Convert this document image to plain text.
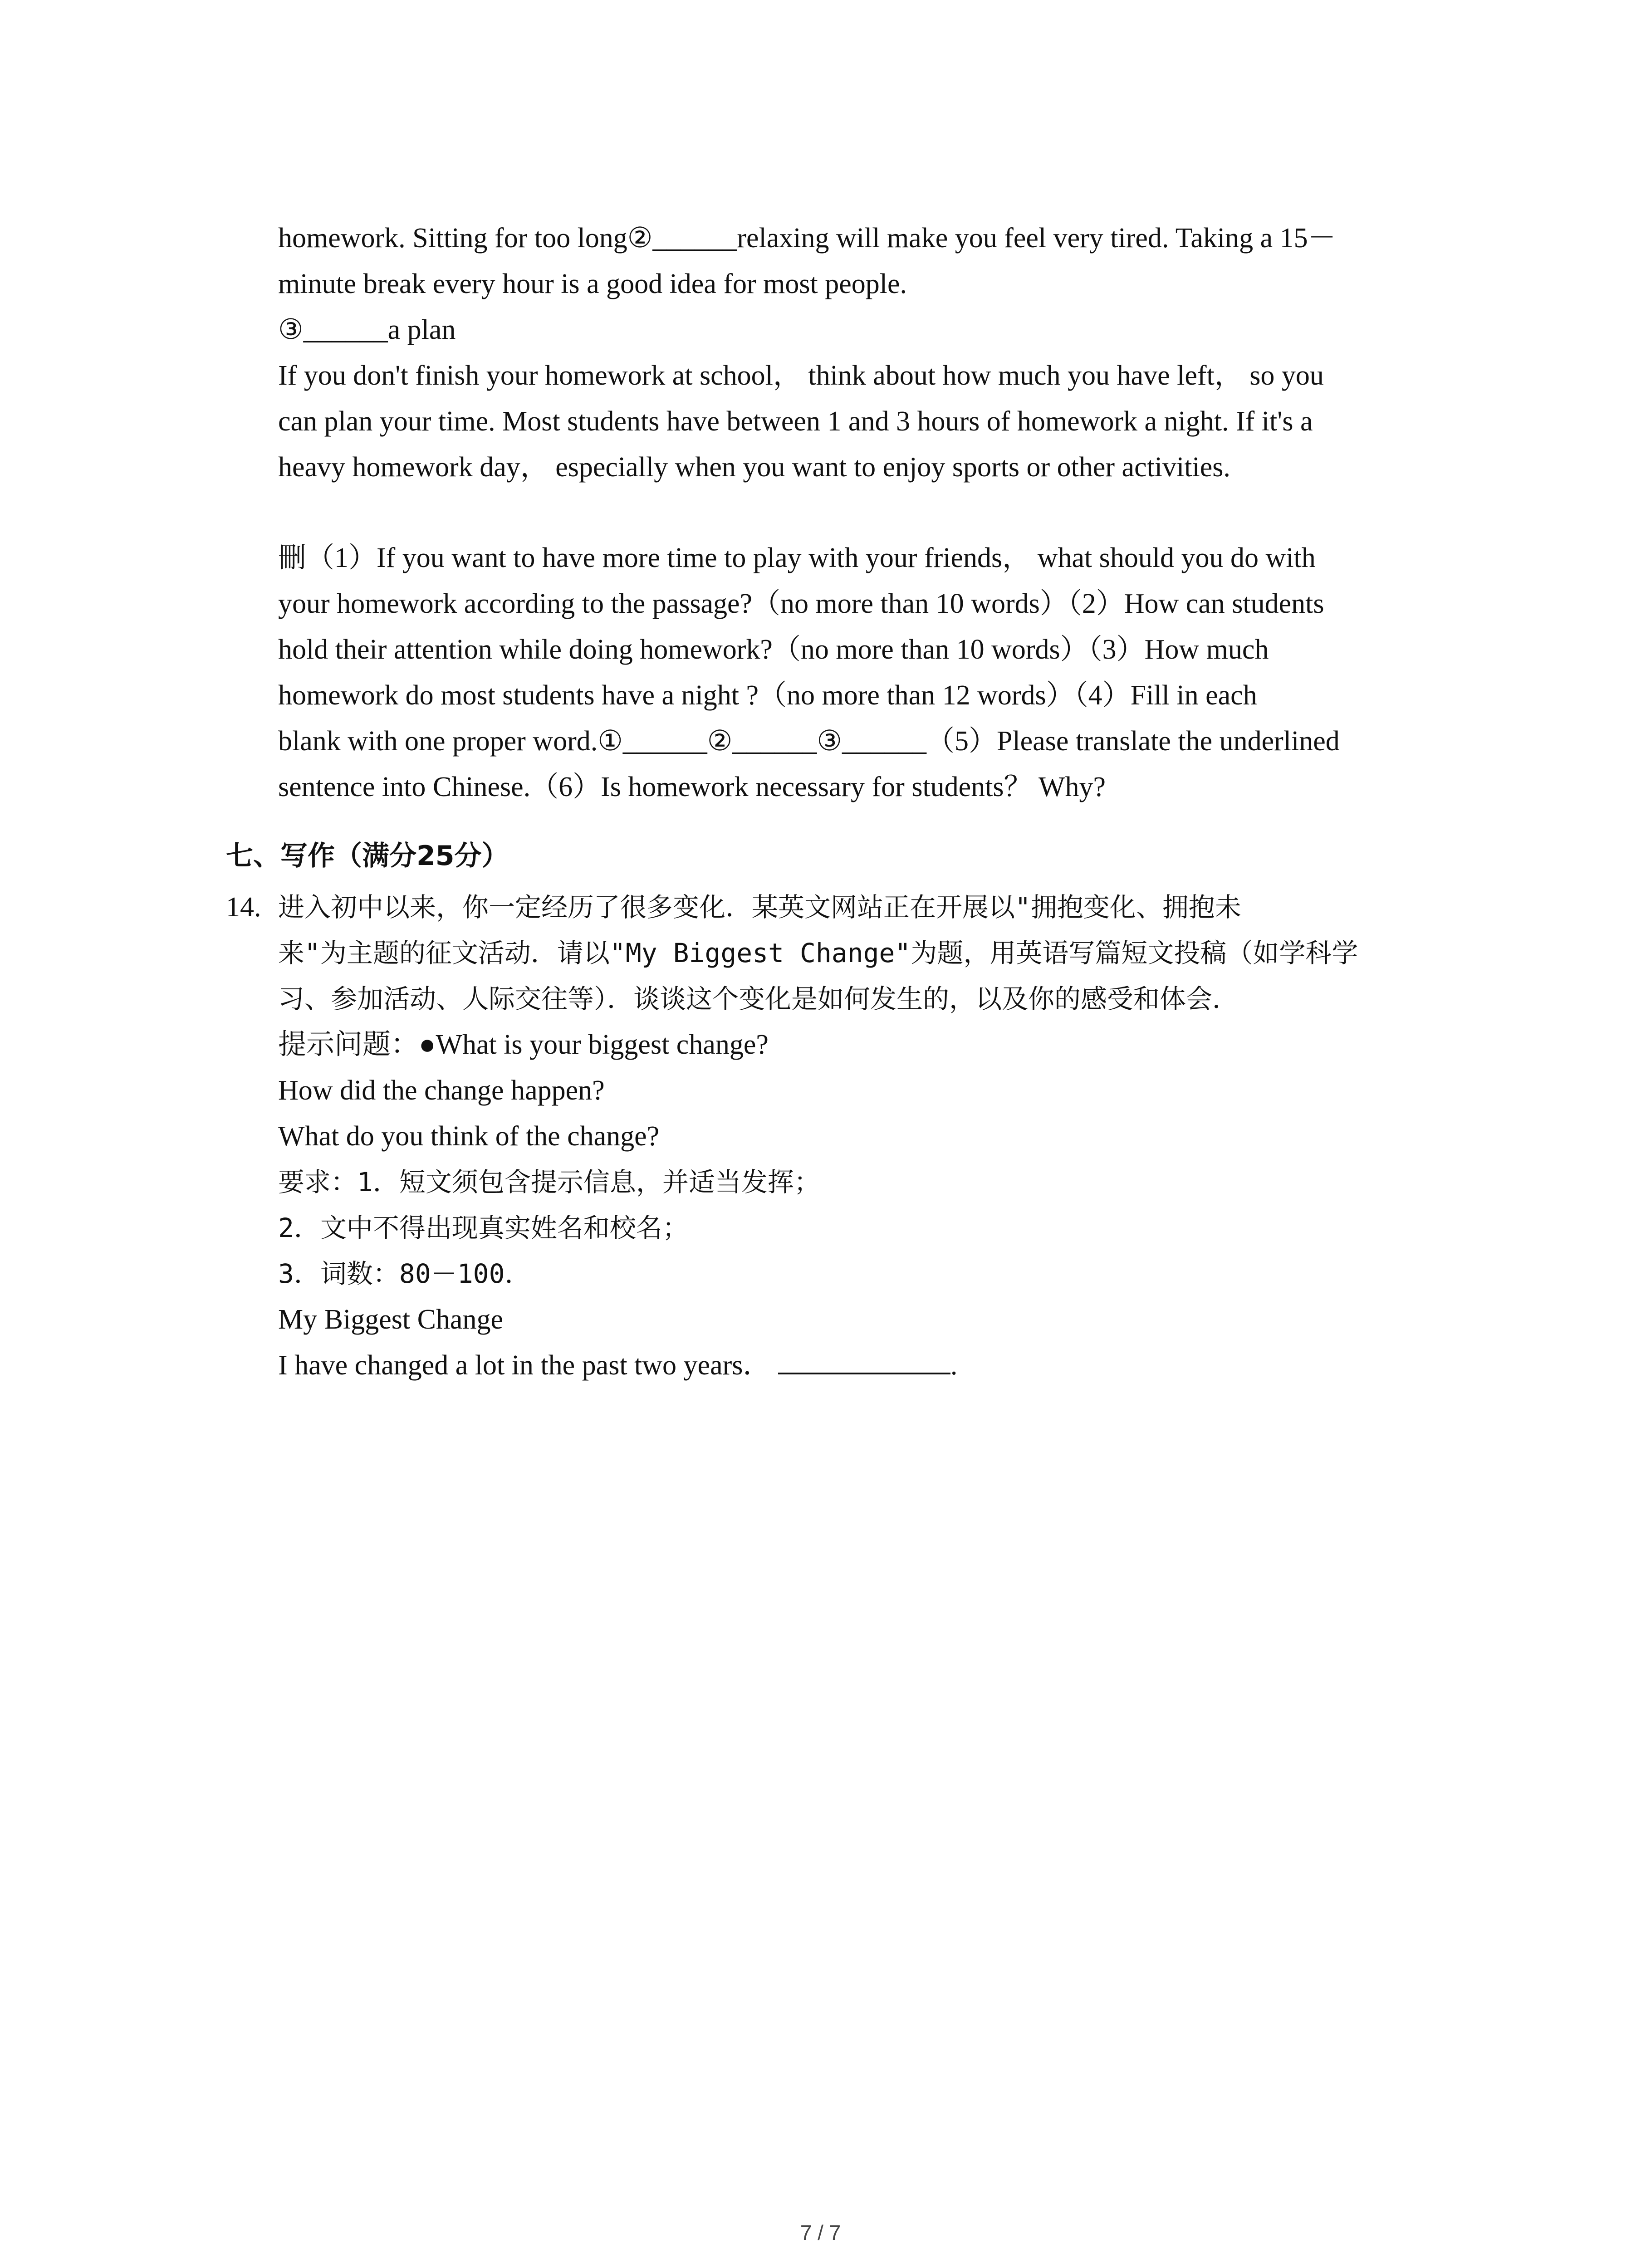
homework. Sitting for too long②______relaxing will make you feel very tired. Taking a 15－
minute break every hour is a good idea for most people.
③______a plan
If you don't finish your homework at school， think about how much you have left， so you
can plan your time. Most students have between 1 and 3 hours of homework a night. If it's a
heavy homework day， especially when you want to enjoy sports or other activities.
刪（1）If you want to have more time to play with your friends， what should you do with
your homework according to the passage?（no more than 10 words）（2）How can students
hold their attention while doing homework?（no more than 10 words）（3）How much
homework do most students have a night ?（no more than 12 words）（4）Fill in each
blank with one proper word.①______②______③______（5）Please translate the underlined
sentence into Chinese.（6）Is homework necessary for students？ Why?
七、写作（满分25分）
14. 进入初中以来，你一定经历了很多变化．某英文网站正在开展以"拥抱变化、拥抱未
来"为主题的征文活动．请以"My Biggest Change"为题，用英语写篇短文投稿（如学科学
习、参加活动、人际交往等）．谈谈这个变化是如何发生的，以及你的感受和体会．
提示问题：●What is your biggest change?
How did the change happen?
What do you think of the change?
要求：1．短文须包含提示信息，并适当发挥；
2．文中不得出现真实姓名和校名；
3．词数：80－100．
My Biggest Change
I have changed a lot in the past two years．	.
7 / 7
